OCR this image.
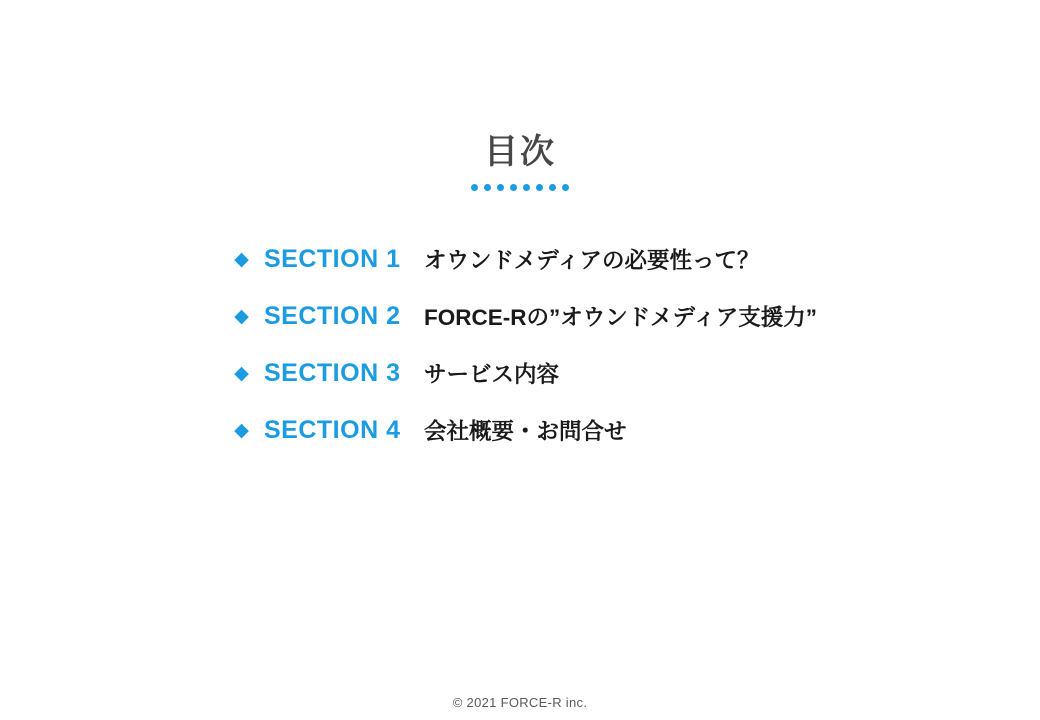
目次
◆ SECTION 1	オウンドメディアの必要性って？
◆ SECTION 2	FORCE-Rの”オウンドメディア支援力”
◆ SECTION 3	サービス内容
◆ SECTION 4	会社概要・お問合せ
© 2021 FORCE-R inc.
